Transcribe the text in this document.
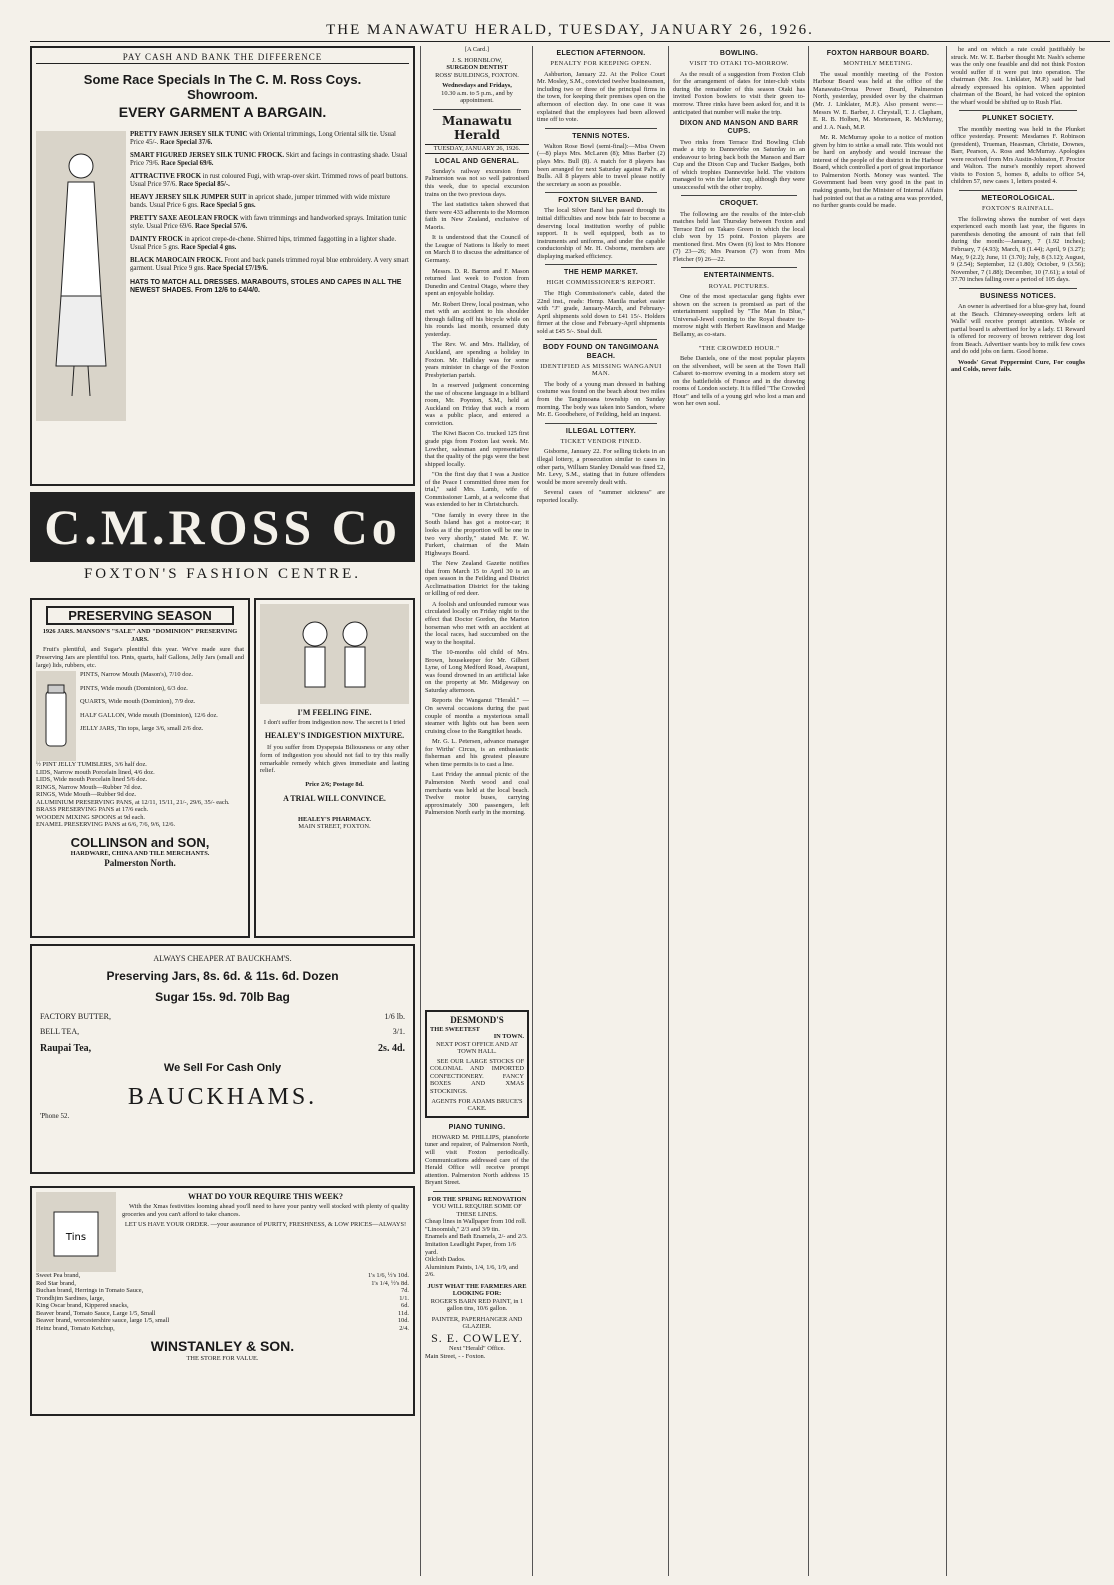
THE MANAWATU HERALD, TUESDAY, JANUARY 26, 1926.
PAY CASH AND BANK THE DIFFERENCE
Some Race Specials In The C. M. Ross Coys. Showroom.
EVERY GARMENT A BARGAIN.
PRETTY FAWN JERSEY SILK TUNIC with Oriental trimmings, Long Oriental silk tie. Usual Price 45/-. Race Special 37/6.
SMART FIGURED JERSEY SILK TUNIC FROCK. Skirt and facings in contrasting shade. Usual Price 79/6. Race Special 69/6.
ATTRACTIVE FROCK in rust coloured Fugi, with wrap-over skirt. Trimmed rows of pearl buttons. Usual Price 97/6. Race Special 85/-.
HEAVY JERSEY SILK JUMPER SUIT in apricot shade, jumper trimmed with wide mixture bands. Usual Price 6 gns. Race Special 5 gns.
PRETTY SAXE AEOLEAN FROCK with fawn trimmings and handworked sprays. Imitation tunic style. Usual Price 69/6. Race Special 57/6.
DAINTY FROCK in apricot crepe-de-chene. Shirred hips, trimmed faggotting in a lighter shade. Usual Price 5 gns. Race Special 4 gns.
BLACK MAROCAIN FROCK. Front and back panels trimmed royal blue embroidery. A very smart garment. Usual Price 9 gns. Race Special £7/19/6.
HATS TO MATCH ALL DRESSES. MARABOUTS, STOLES AND CAPES IN ALL THE NEWEST SHADES. From 12/6 to £4/4/0.
C.M.ROSS Co
FOXTON'S FASHION CENTRE.
PRESERVING SEASON
1926 JARS. MANSON'S "SALE" AND "DOMINION" PRESERVING JARS.

Fruit's plentiful, and Sugar's plentiful this year. We've made sure that Preserving Jars are plentiful too. Pints, quarts, half Gallons, Jelly Jars (small and large) lids, rubbers, etc.

PINTS, Narrow Mouth (Mason's), 7/10 doz.
PINTS, Wide mouth (Dominion), 6/3 doz.
QUARTS, Wide mouth (Dominion), 7/9 doz.
HALF GALLON, Wide mouth (Dominion), 12/6 doz.
JELLY JARS, Tin tops, large 3/6, small 2/6 doz.
½ PINT JELLY TUMBLERS, 3/6 half doz.
LIDS, Narrow mouth Porcelain lined, 4/6 doz.
LIDS, Wide mouth Porcelain lined 5/6 doz.
RINGS, Narrow Mouth—Rubber 7d doz.
RINGS, Wide Mouth—Rubber 9d doz.
ALUMINIUM PRESERVING PANS, at 12/11, 15/11, 21/-, 29/6, 35/- each.
BRASS PRESERVING PANS at 17/6 each.
WOODEN MIXING SPOONS at 9d each.
ENAMEL PRESERVING PANS at 6/6, 7/6, 9/6, 12/6.
COLLINSON and SON,
HARDWARE, CHINA AND TILE MERCHANTS.
Palmerston North.
I'M FEELING FINE.

I don't suffer from indigestion now. The secret is I tried

HEALEY'S INDIGESTION MIXTURE.

If you suffer from Dyspepsia Biliousness or any other form of indigestion you should not fail to try this really remarkable remedy which gives immediate and lasting relief.

Price 2/6; Postage 8d.
A TRIAL WILL CONVINCE.
HEALEY'S PHARMACY.
MAIN STREET, FOXTON.
ALWAYS CHEAPER AT BAUCKHAM'S.
Preserving Jars, 8s. 6d. & 11s. 6d. Dozen
Sugar 15s. 9d. 70lb Bag
FACTORY BUTTER,	1/6 lb.
BELL TEA,	3/1.
Raupai Tea,	2s. 4d.
We Sell For Cash Only
BAUCKHAMS.
'Phone 52.
Tins
WHAT DO YOUR REQUIRE THIS WEEK?

With the Xmas festivities looming ahead you'll need to have your pantry well stocked with plenty of quality groceries and you can't afford to take chances.

LET US HAVE YOUR ORDER. —your assurance of PURITY, FRESHNESS, & LOW PRICES—ALWAYS!

Sweet Pea brand,	1's 1/6, ½'s 10d.
Red Star brand,	1's 1/4, ½'s 8d.
Buchan brand, Herrings in Tomato Sauce,	7d.
Trondhjim Sardines, large,	1/1.
King Oscar brand, Kippered snacks,	6d.
Beaver brand, Tomato Sauce, Large 1/5, Small	11d.
Beaver brand, worcestershire sauce, large 1/5, small	10d.
Heinz brand, Tomato Ketchup,	2/4.
WINSTANLEY & SON.
THE STORE FOR VALUE.
[A Card.]
J. S. HORNBLOW,
SURGEON DENTIST
ROSS' BUILDINGS, FOXTON.
Wednesdays and Fridays,
10.30 a.m. to 5 p.m., and by appointment.
Manawatu Herald
TUESDAY, JANUARY 26, 1926.
LOCAL AND GENERAL.

Sunday's railway excursion from Palmerston was not so well patronised this week, due to special excursion trains on the two previous days.

The last statistics taken showed that there were 433 adherents to the Mormon faith in New Zealand, exclusive of Maoris.

It is understood that the Council of the League of Nations is likely to meet on March 8 to discuss the admittance of Germany.

Messrs. D. R. Barron and F. Mason returned last week to Foxton from Dunedin and Central Otago, where they spent an enjoyable holiday.

Mr. Robert Drew, local postman, who met with an accident to his shoulder through falling off his bicycle while on his rounds last month, resumed duty yesterday.

The Rev. W. and Mrs. Halliday, of Auckland, are spending a holiday in Foxton. Mr. Halliday was for some years minister in charge of the Foxton Presbyterian parish.

In a reserved judgment concerning the use of obscene language in a billiard room, Mr. Poynton, S.M., held at Auckland on Friday that such a room was a public place, and entered a conviction.

The Kiwi Bacon Co. trucked 125 first grade pigs from Foxton last week. Mr. Lowther, salesman and representative that the quality of the pigs were the best shipped locally.

"On the first day that I was a Justice of the Peace I committed three men for trial," said Mrs. Lamb, wife of Commissioner Lamb, at a welcome that was extended to her in Christchurch.

"One family in every three in the South Island has got a motor-car; it looks as if the proportion will be one in two very shortly," stated Mr. F. W. Furkert, chairman of the Main Highways Board.

The New Zealand Gazette notifies that from March 15 to April 30 is an open season in the Feilding and District Acclimatisation District for the taking or killing of red deer.

A foolish and unfounded rumour was circulated locally on Friday night to the effect that Doctor Gordon, the Marton horseman who met with an accident at the local races, had succumbed on the way to the hospital.

The 10-months old child of Mrs. Brown, housekeeper for Mr. Gilbert Lyne, of Long Medford Road, Awapuni, was found drowned in an artificial lake on the property at Mr. Midgeway on Saturday afternoon.

Reports the Wanganui "Herald." —On several occasions during the past couple of months a mysterious small steamer with lights out has been seen cruising close to the Rangitikei heads.

Mr. G. L. Petersen, advance manager for Wirths' Circus, is an enthusiastic fisherman and his greatest pleasure when time permits is to cast a line.

Last Friday the annual picnic of the Palmerston North wood and coal merchants was held at the local beach. Twelve motor buses, carrying approximately 300 passengers, left Palmerston North early in the morning.

ELECTION AFTERNOON.
PENALTY FOR KEEPING OPEN.

Ashburton, January 22. At the Police Court Mr. Mosley, S.M., convicted twelve businessmen, including two or three of the principal firms in the town, for keeping their premises open on the afternoon of election day. In one case it was explained that the employees had been allowed time off to vote.

TENNIS NOTES.

Walton Rose Bowl (semi-final):—Miss Owen (—8) plays Mrs. McLaren (8); Miss Barber (2) plays Mrs. Bull (8). A match for 8 players has been arranged for next Saturday against Pal'n. at Bulls. All 8 players able to travel please notify the secretary as soon as possible.

FOXTON SILVER BAND.

The local Silver Band has passed through its initial difficulties and now bids fair to become a deserving local institution worthy of public support. It is well equipped, both as to instruments and uniforms, and under the capable conductorship of Mr. H. Osborne, members are displaying marked efficiency.

THE HEMP MARKET.
HIGH COMMISSIONER'S REPORT.

The High Commissioner's cable, dated the 22nd inst., reads: Hemp. Manila market easier with "J" grade, January-March, and February-April shipments sold down to £41 15/-. Holders firmer at the close and February-April shipments sold at £45 5/-. Sisal dull.

BODY FOUND ON TANGIMOANA BEACH.
IDENTIFIED AS MISSING WANGANUI MAN.

The body of a young man dressed in bathing costume was found on the beach about two miles from the Tangimoana township on Sunday morning. The body was taken into Sandon, where Mr. E. Goodbehere, of Feilding, held an inquest.

ILLEGAL LOTTERY.
TICKET VENDOR FINED.

Gisborne, January 22. For selling tickets in an illegal lottery, a prosecution similar to cases in other parts, William Stanley Donald was fined £2, Mr. Levy, S.M., stating that in future offenders would be more severely dealt with.

Several cases of "summer sickness" are reported locally.

BOWLING.
VISIT TO OTAKI TO-MORROW.

As the result of a suggestion from Foxton Club for the arrangement of dates for inter-club visits during the remainder of this season Otaki has invited Foxton bowlers to visit their green to-morrow. Three rinks have been asked for, and it is anticipated that number will make the trip.

DIXON AND MANSON AND BARR CUPS.

Two rinks from Terrace End Bowling Club made a trip to Dannevirke on Saturday in an endeavour to bring back both the Manson and Barr Cup and the Dixon Cup and Tucker Badges, both of which trophies Dannevirke held. The visitors managed to win the latter cup, although they were unsuccessful with the other trophy.

CROQUET.

The following are the results of the inter-club matches held last Thursday between Foxton and Terrace End on Takaro Green in which the local club won by 15 point. Foxton players are mentioned first. Mrs Owen (6) lost to Mrs Honore (7) 23—26; Mrs Pearson (7) won from Mrs Fletcher (9) 26—22.

ENTERTAINMENTS.
ROYAL PICTURES.

One of the most spectacular gang fights ever shown on the screen is promised as part of the entertainment supplied by "The Man In Blue," Universal-Jewel coming to the Royal theatre to-morrow night with Herbert Rawlinson and Madge Bellamy, as co-stars.

"THE CROWDED HOUR."

Bebe Daniels, one of the most popular players on the silversheet, will be seen at the Town Hall Cabaret to-morrow evening in a modern story set on the battlefields of France and in the drawing rooms of London society. It is filled "The Crowded Hour" and tells of a young girl who lost a man and won her own soul.

FOXTON HARBOUR BOARD.
MONTHLY MEETING.

The usual monthly meeting of the Foxton Harbour Board was held at the office of the Manawatu-Oroua Power Board, Palmerston North, yesterday, presided over by the chairman (Mr. J. Linklater, M.P.). Also present were:—Messrs W. E. Barber, J. Chrystall, T. J. Clapham, E. R. B. Holben, M. Mortensen, R. McMurray, and J. A. Nash, M.P.

Mr. R. McMurray spoke to a notice of motion given by him to strike a small rate. This would not be hard on anybody and would increase the interest of the people of the district in the Harbour Board, which controlled a port of great importance to Palmerston North. Money was wanted. The Government had been very good in the past in making grants, but the Minister of Internal Affairs had pointed out that as a rating area was provided, no further grants could be made.

he and on which a rate could justifiably be struck. Mr. W. E. Barber thought Mr. Nash's scheme was the only one feasible and did not think Foxton would suffer if it were put into operation. The chairman (Mr. Jos. Linklater, M.P.) said he had already expressed his opinion. When appointed chairman of the Board, he had voiced the opinion the wharf would be shifted up to Rush Flat.

PLUNKET SOCIETY.

The monthly meeting was held in the Plunket office yesterday. Present: Mesdames F. Robinson (president), Trueman, Heasman, Christie, Downes, Barr, Pearson, A. Ross and McMurray. Apologies were received from Mrs Austin-Johnston, F. Proctor and Walton. The nurse's monthly report showed visits to Foxton 5, homes 8, adults to office 54, children 57, new cases 1, letters posted 4.

METEOROLOGICAL.
FOXTON'S RAINFALL.

The following shows the number of wet days experienced each month last year, the figures in parenthesis denoting the amount of rain that fell during the month:—January, 7 (1.92 inches); February, 7 (4.93); March, 8 (1.44); April, 9 (3.27); May, 9 (2.2); June, 11 (3.70); July, 8 (3.12); August, 9 (2.54); September, 12 (1.80); October, 9 (3.56); November, 7 (1.88); December, 10 (7.61); a total of 37.70 inches falling over a period of 105 days.

BUSINESS NOTICES.

An owner is advertised for a blue-grey hat, found at the Beach. Chimney-sweeping orders left at Walls' will receive prompt attention. Whole or partial board is advertised for by a lady. £1 Reward is offered for recovery of brown retriever dog lost from Beach. Advertiser wants boy to milk few cows and do odd jobs on farm. Good home.

Woods' Great Peppermint Cure, For coughs and Colds, never fails.

DESMOND'S
THE SWEETEST
IN TOWN.
NEXT POST OFFICE AND AT TOWN HALL.

SEE OUR LARGE STOCKS OF COLONIAL AND IMPORTED CONFECTIONERY. FANCY BOXES AND XMAS STOCKINGS.

AGENTS FOR ADAMS BRUCE'S CAKE.
PIANO TUNING.

HOWARD M. PHILLIPS, pianoforte tuner and repairer, of Palmerston North, will visit Foxton periodically. Communications addressed care of the Herald Office will receive prompt attention. Palmerston North address 15 Bryant Street.

FOR THE SPRING RENOVATION
YOU WILL REQUIRE SOME OF THESE LINES.
Cheap lines in Wallpaper from 10d roll.
"Linoomish," 2/3 and 3/9 tin.
Enamels and Bath Enamels, 2/- and 2/3.
Imitation Leadlight Paper, from 1/6 yard.
Oilcloth Dados.
Aluminium Paints, 1/4, 1/6, 1/9, and 2/6.
JUST WHAT THE FARMERS ARE LOOKING FOR:
ROGER'S BARN RED PAINT, in 1 gallon tins, 10/6 gallon.
PAINTER, PAPERHANGER AND GLAZIER.
S. E. COWLEY.
Next "Herald" Office.
Main Street, - - Foxton.
